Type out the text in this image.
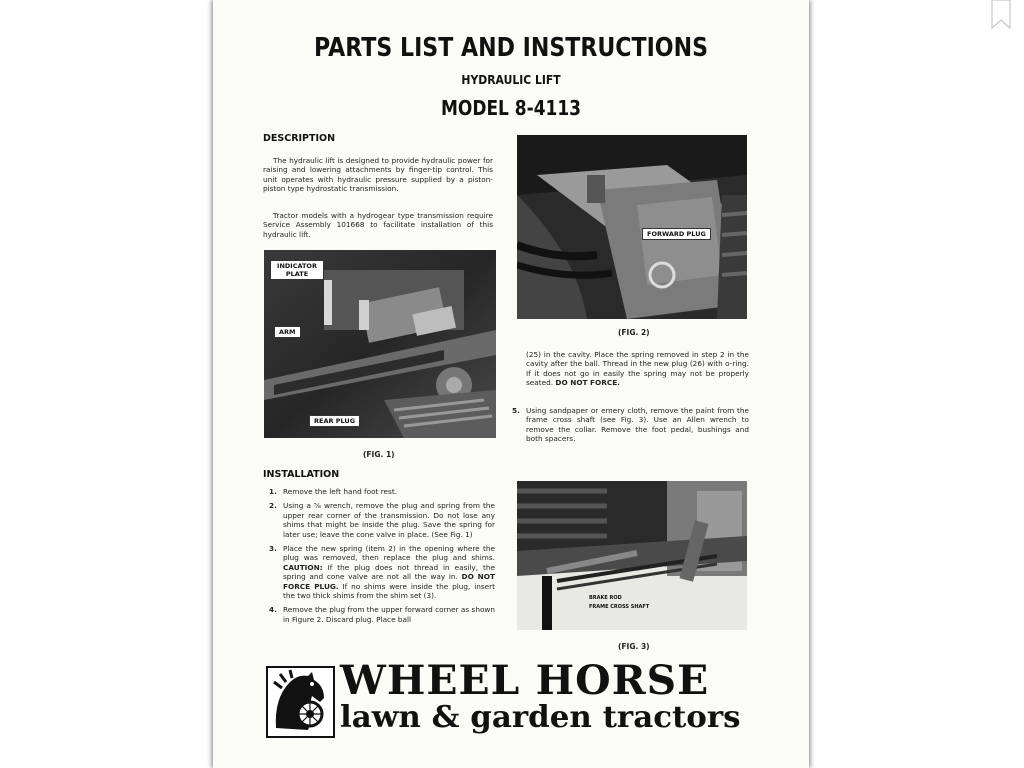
PARTS LIST AND INSTRUCTIONS
HYDRAULIC LIFT
MODEL 8-4113
DESCRIPTION

The hydraulic lift is designed to provide hydraulic power for raising and lowering attachments by finger-tip control. This unit operates with hydraulic pressure supplied by a piston-piston type hydrostatic transmission.

Tractor models with a hydrogear type transmission require Service Assembly 101668 to facilitate installation of this hydraulic lift.

INDICATOR PLATE
ARM
REAR PLUG
(FIG. 1)
FORWARD PLUG
(FIG. 2)

(25) in the cavity. Place the spring removed in step 2 in the cavity after the ball. Thread in the new plug (26) with o-ring. If it does not go in easily the spring may not be properly seated. DO NOT FORCE.

5. Using sandpaper or emery cloth, remove the paint from the frame cross shaft (see Fig. 3). Use an Allen wrench to remove the collar. Remove the foot pedal, bushings and both spacers.
INSTALLATION
1. Remove the left hand foot rest.
2. Using a ⅝ wrench, remove the plug and spring from the upper rear corner of the transmission. Do not lose any shims that might be inside the plug. Save the spring for later use; leave the cone valve in place. (See Fig. 1)
3. Place the new spring (item 2) in the opening where the plug was removed, then replace the plug and shims. CAUTION: If the plug does not thread in easily, the spring and cone valve are not all the way in. DO NOT FORCE PLUG. If no shims were inside the plug, insert the two thick shims from the shim set (3).
4. Remove the plug from the upper forward corner as shown in Figure 2. Discard plug. Place ball
BRAKE ROD
FRAME CROSS SHAFT
(FIG. 3)
WHEEL HORSE
lawn & garden tractors
